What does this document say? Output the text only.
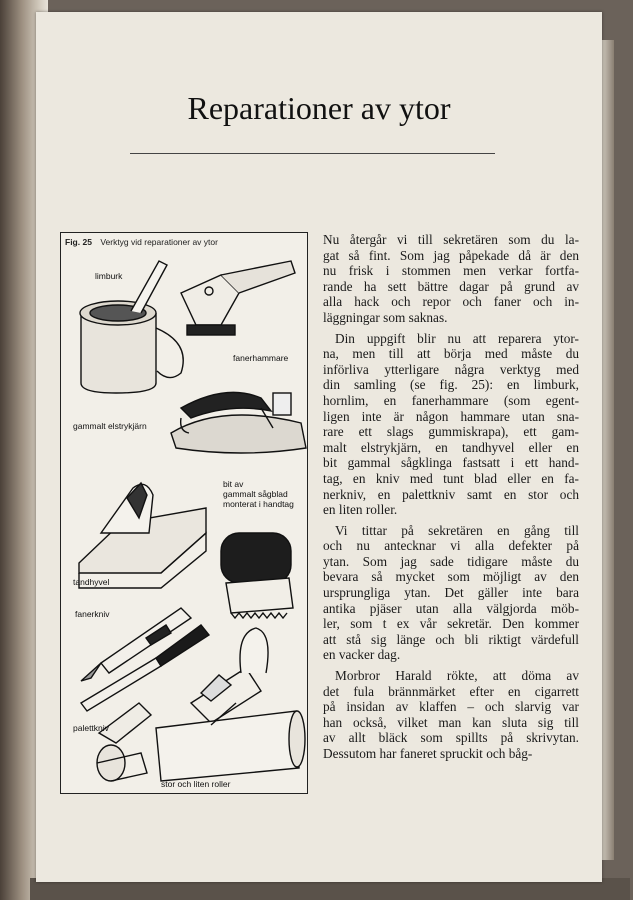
Reparationer av ytor
Fig. 25 Verktyg vid reparationer av ytor
limburk
fanerhammare
gammalt elstrykjärn
bit av
gammalt sågblad
monterat i handtag
tandhyvel
fanerkniv
palettkniv
stor och liten roller

Nu återgår vi till sekretären som du la-
gat så fint. Som jag påpekade då är den
nu frisk i stommen men verkar fortfa-
rande ha sett bättre dagar på grund av
alla hack och repor och faner och in-
läggningar som saknas.

Din uppgift blir nu att reparera ytor-
na, men till att börja med måste du
införliva ytterligare några verktyg med
din samling (se fig. 25): en limburk,
hornlim, en fanerhammare (som egent-
ligen inte är någon hammare utan sna-
rare ett slags gummiskrapa), ett gam-
malt elstrykjärn, en tandhyvel eller en
bit gammal sågklinga fastsatt i ett hand-
tag, en kniv med tunt blad eller en fa-
nerkniv, en palettkniv samt en stor och
en liten roller.

Vi tittar på sekretären en gång till
och nu antecknar vi alla defekter på
ytan. Som jag sade tidigare måste du
bevara så mycket som möjligt av den
ursprungliga ytan. Det gäller inte bara
antika pjäser utan alla välgjorda möb-
ler, som t ex vår sekretär. Den kommer
att stå sig länge och bli riktigt värdefull
en vacker dag.

Morbror Harald rökte, att döma av
det fula brännmärket efter en cigarrett
på insidan av klaffen – och slarvig var
han också, vilket man kan sluta sig till
av allt bläck som spillts på skrivytan.
Dessutom har faneret spruckit och båg-
